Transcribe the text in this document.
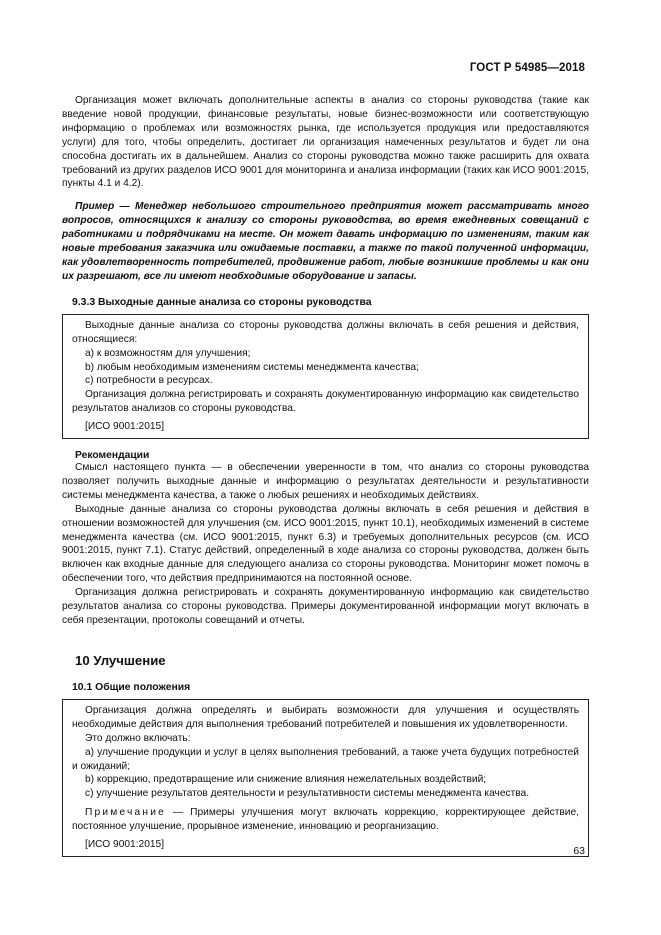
ГОСТ Р 54985—2018

Организация может включать дополнительные аспекты в анализ со стороны руководства (такие как введение новой продукции, финансовые результаты, новые бизнес-возможности или соответствующую информацию о проблемах или возможностях рынка, где используется продукция или предоставляются услуги) для того, чтобы определить, достигает ли организация намеченных результатов и будет ли она способна достигать их в дальнейшем. Анализ со стороны руководства можно также расширить для охвата требований из других разделов ИСО 9001 для мониторинга и анализа информации (таких как ИСО 9001:2015, пункты 4.1 и 4.2).

Пример — Менеджер небольшого строительного предприятия может рассматривать много вопросов, относящихся к анализу со стороны руководства, во время ежедневных совещаний с работниками и подрядчиками на месте. Он может давать информацию по изменениям, таким как новые требования заказчика или ожидаемые поставки, а также по такой полученной информации, как удовлетворенность потребителей, продвижение работ, любые возникшие проблемы и как они их разрешают, все ли имеют необходимые оборудование и запасы.

9.3.3 Выходные данные анализа со стороны руководства

Выходные данные анализа со стороны руководства должны включать в себя решения и действия, относящиеся:

a) к возможностям для улучшения;

b) любым необходимым изменениям системы менеджмента качества;

c) потребности в ресурсах.

Организация должна регистрировать и сохранять документированную информацию как свидетельство результатов анализов со стороны руководства.

[ИСО 9001:2015]

Рекомендации

Смысл настоящего пункта — в обеспечении уверенности в том, что анализ со стороны руководства позволяет получить выходные данные и информацию о результатах деятельности и результативности системы менеджмента качества, а также о любых решениях и необходимых действиях.

Выходные данные анализа со стороны руководства должны включать в себя решения и действия в отношении возможностей для улучшения (см. ИСО 9001:2015, пункт 10.1), необходимых изменений в системе менеджмента качества (см. ИСО 9001:2015, пункт 6.3) и требуемых дополнительных ресурсов (см. ИСО 9001:2015, пункт 7.1). Статус действий, определенный в ходе анализа со стороны руководства, должен быть включен как входные данные для следующего анализа со стороны руководства. Мониторинг может помочь в обеспечении того, что действия предпринимаются на постоянной основе.

Организация должна регистрировать и сохранять документированную информацию как свидетельство результатов анализа со стороны руководства. Примеры документированной информации могут включать в себя презентации, протоколы совещаний и отчеты.

10 Улучшение
10.1 Общие положения

Организация должна определять и выбирать возможности для улучшения и осуществлять необходимые действия для выполнения требований потребителей и повышения их удовлетворенности.

Это должно включать:

a) улучшение продукции и услуг в целях выполнения требований, а также учета будущих потребностей и ожиданий;

b) коррекцию, предотвращение или снижение влияния нежелательных воздействий;

c) улучшение результатов деятельности и результативности системы менеджмента качества.

Примечание — Примеры улучшения могут включать коррекцию, корректирующее действие, постоянное улучшение, прорывное изменение, инновацию и реорганизацию.

[ИСО 9001:2015]

63
